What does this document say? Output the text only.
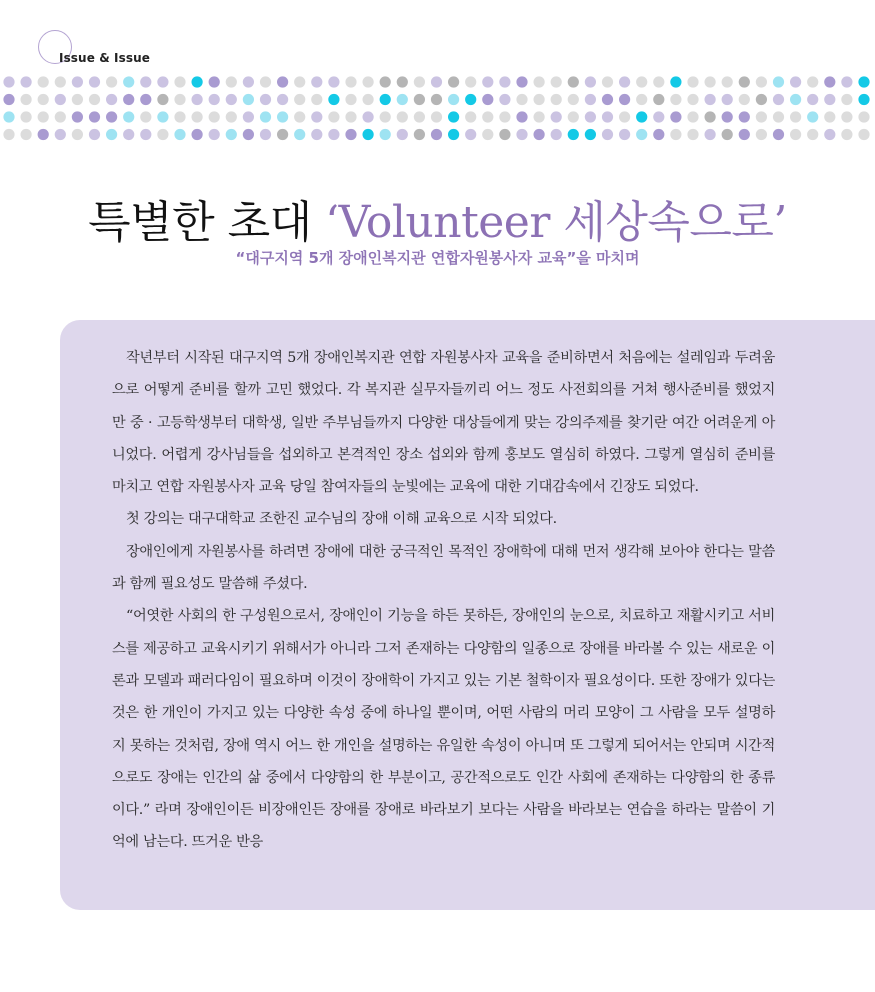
Issue & Issue
특별한 초대 ‘Volunteer 세상속으로’
“대구지역 5개 장애인복지관 연합자원봉사자 교육”을 마치며

작년부터 시작된 대구지역 5개 장애인복지관 연합 자원봉사자 교육을 준비하면서 처음에는 설레임과 두려움으로 어떻게 준비를 할까 고민 했었다. 각 복지관 실무자들끼리 어느 정도 사전회의를 거쳐 행사준비를 했었지만 중 · 고등학생부터 대학생, 일반 주부님들까지 다양한 대상들에게 맞는 강의주제를 찾기란 여간 어려운게 아니었다. 어렵게 강사님들을 섭외하고 본격적인 장소 섭외와 함께 홍보도 열심히 하였다. 그렇게 열심히 준비를 마치고 연합 자원봉사자 교육 당일 참여자들의 눈빛에는 교육에 대한 기대감속에서 긴장도 되었다.

첫 강의는 대구대학교 조한진 교수님의 장애 이해 교육으로 시작 되었다.

장애인에게 자원봉사를 하려면 장애에 대한 궁극적인 목적인 장애학에 대해 먼저 생각해 보아야 한다는 말씀과 함께 필요성도 말씀해 주셨다.

“어엿한 사회의 한 구성원으로서, 장애인이 기능을 하든 못하든, 장애인의 눈으로, 치료하고 재활시키고 서비스를 제공하고 교육시키기 위해서가 아니라 그저 존재하는 다양함의 일종으로 장애를 바라볼 수 있는 새로운 이론과 모델과 패러다임이 필요하며 이것이 장애학이 가지고 있는 기본 철학이자 필요성이다. 또한 장애가 있다는 것은 한 개인이 가지고 있는 다양한 속성 중에 하나일 뿐이며, 어떤 사람의 머리 모양이 그 사람을 모두 설명하지 못하는 것처럼, 장애 역시 어느 한 개인을 설명하는 유일한 속성이 아니며 또 그렇게 되어서는 안되며 시간적으로도 장애는 인간의 삶 중에서 다양함의 한 부분이고, 공간적으로도 인간 사회에 존재하는 다양함의 한 종류이다.” 라며 장애인이든 비장애인든 장애를 장애로 바라보기 보다는 사람을 바라보는 연습을 하라는 말씀이 기억에 남는다. 뜨거운 반응
